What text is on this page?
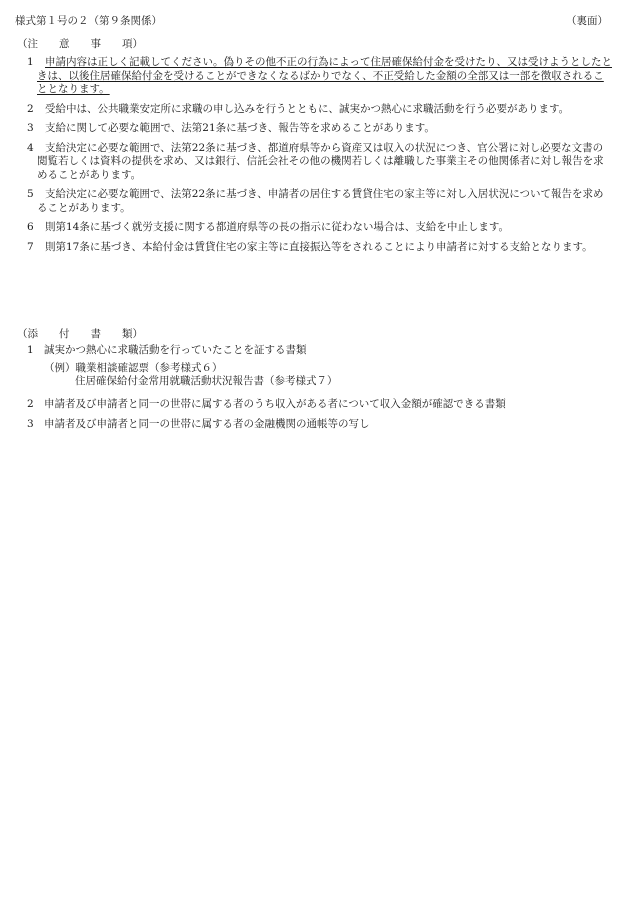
様式第１号の２（第９条関係）	（裏面）
（注　　意　　事　　項）
1	申請内容は正しく記載してください。偽りその他不正の行為によって住居確保給付金を受けたり、又は受けようとしたときは、以後住居確保給付金を受けることができなくなるばかりでなく、不正受給した金額の全部又は一部を徴収されることとなります。
2	受給中は、公共職業安定所に求職の申し込みを行うとともに、誠実かつ熱心に求職活動を行う必要があります。
3	支給に関して必要な範囲で、法第21条に基づき、報告等を求めることがあります。
4	支給決定に必要な範囲で、法第22条に基づき、都道府県等から資産又は収入の状況につき、官公署に対し必要な文書の閲覧若しくは資料の提供を求め、又は銀行、信託会社その他の機関若しくは離職した事業主その他関係者に対し報告を求めることがあります。
5	支給決定に必要な範囲で、法第22条に基づき、申請者の居住する賃貸住宅の家主等に対し入居状況について報告を求めることがあります。
6	則第14条に基づく就労支援に関する都道府県等の長の指示に従わない場合は、支給を中止します。
7	則第17条に基づき、本給付金は賃貸住宅の家主等に直接振込等をされることにより申請者に対する支給となります。
（添　　付　　書　　類）
1 誠実かつ熱心に求職活動を行っていたことを証する書類
（例）職業相談確認票（参考様式６）
住居確保給付金常用就職活動状況報告書（参考様式７）
2 申請者及び申請者と同一の世帯に属する者のうち収入がある者について収入金額が確認できる書類
3 申請者及び申請者と同一の世帯に属する者の金融機関の通帳等の写し
